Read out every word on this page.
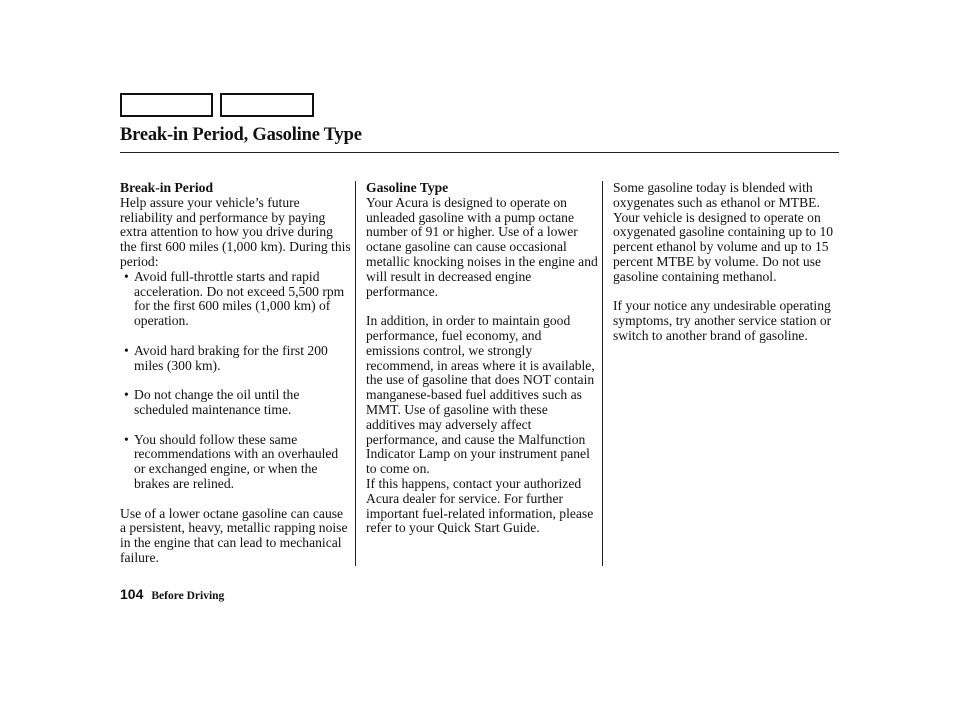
Break-in Period, Gasoline Type

Break-in Period

Help assure your vehicle’s future reliability and performance by paying extra attention to how you drive during the first 600 miles (1,000 km). During this period:

• Avoid full-throttle starts and rapid acceleration. Do not exceed 5,500 rpm for the first 600 miles (1,000 km) of operation.
• Avoid hard braking for the first 200 miles (300 km).
• Do not change the oil until the scheduled maintenance time.
• You should follow these same recommendations with an overhauled or exchanged engine, or when the brakes are relined.

Use of a lower octane gasoline can cause a persistent, heavy, metallic rapping noise in the engine that can lead to mechanical failure.

Gasoline Type

Your Acura is designed to operate on unleaded gasoline with a pump octane number of 91 or higher. Use of a lower octane gasoline can cause occasional metallic knocking noises in the engine and will result in decreased engine performance.

In addition, in order to maintain good performance, fuel economy, and emissions control, we strongly recommend, in areas where it is available, the use of gasoline that does NOT contain manganese-based fuel additives such as MMT. Use of gasoline with these additives may adversely affect performance, and cause the Malfunction Indicator Lamp on your instrument panel to come on.

If this happens, contact your authorized Acura dealer for service. For further important fuel-related information, please refer to your Quick Start Guide.

Some gasoline today is blended with oxygenates such as ethanol or MTBE. Your vehicle is designed to operate on oxygenated gasoline containing up to 10 percent ethanol by volume and up to 15 percent MTBE by volume. Do not use gasoline containing methanol.

If your notice any undesirable operating symptoms, try another service station or switch to another brand of gasoline.

104 Before Driving
